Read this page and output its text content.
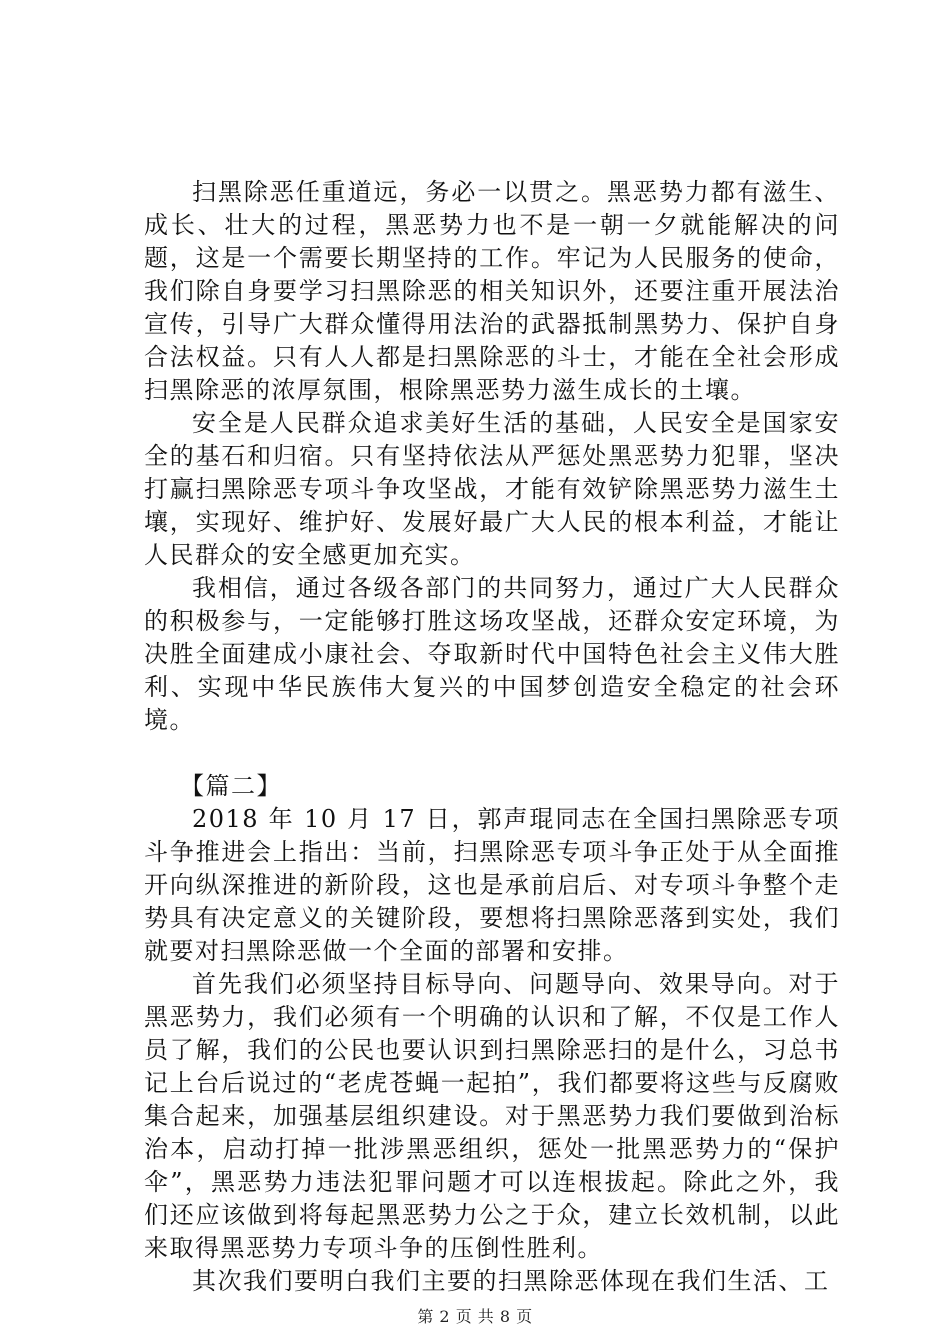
扫黑除恶任重道远，务必一以贯之。黑恶势力都有滋生、成长、壮大的过程，黑恶势力也不是一朝一夕就能解决的问题，这是一个需要长期坚持的工作。牢记为人民服务的使命，我们除自身要学习扫黑除恶的相关知识外，还要注重开展法治宣传，引导广大群众懂得用法治的武器抵制黑势力、保护自身合法权益。只有人人都是扫黑除恶的斗士，才能在全社会形成扫黑除恶的浓厚氛围，根除黑恶势力滋生成长的土壤。

安全是人民群众追求美好生活的基础，人民安全是国家安全的基石和归宿。只有坚持依法从严惩处黑恶势力犯罪，坚决打赢扫黑除恶专项斗争攻坚战，才能有效铲除黑恶势力滋生土壤，实现好、维护好、发展好最广大人民的根本利益，才能让人民群众的安全感更加充实。

我相信，通过各级各部门的共同努力，通过广大人民群众的积极参与，一定能够打胜这场攻坚战，还群众安定环境，为决胜全面建成小康社会、夺取新时代中国特色社会主义伟大胜利、实现中华民族伟大复兴的中国梦创造安全稳定的社会环境。

【篇二】

2018 年 10 月 17 日，郭声琨同志在全国扫黑除恶专项斗争推进会上指出：当前，扫黑除恶专项斗争正处于从全面推开向纵深推进的新阶段，这也是承前启后、对专项斗争整个走势具有决定意义的关键阶段，要想将扫黑除恶落到实处，我们就要对扫黑除恶做一个全面的部署和安排。

首先我们必须坚持目标导向、问题导向、效果导向。对于黑恶势力，我们必须有一个明确的认识和了解，不仅是工作人员了解，我们的公民也要认识到扫黑除恶扫的是什么，习总书记上台后说过的“老虎苍蝇一起拍”，我们都要将这些与反腐败集合起来，加强基层组织建设。对于黑恶势力我们要做到治标治本，启动打掉一批涉黑恶组织，惩处一批黑恶势力的“保护伞”，黑恶势力违法犯罪问题才可以连根拔起。除此之外，我们还应该做到将每起黑恶势力公之于众，建立长效机制，以此来取得黑恶势力专项斗争的压倒性胜利。

其次我们要明白我们主要的扫黑除恶体现在我们生活、工

第 2 页 共 8 页
